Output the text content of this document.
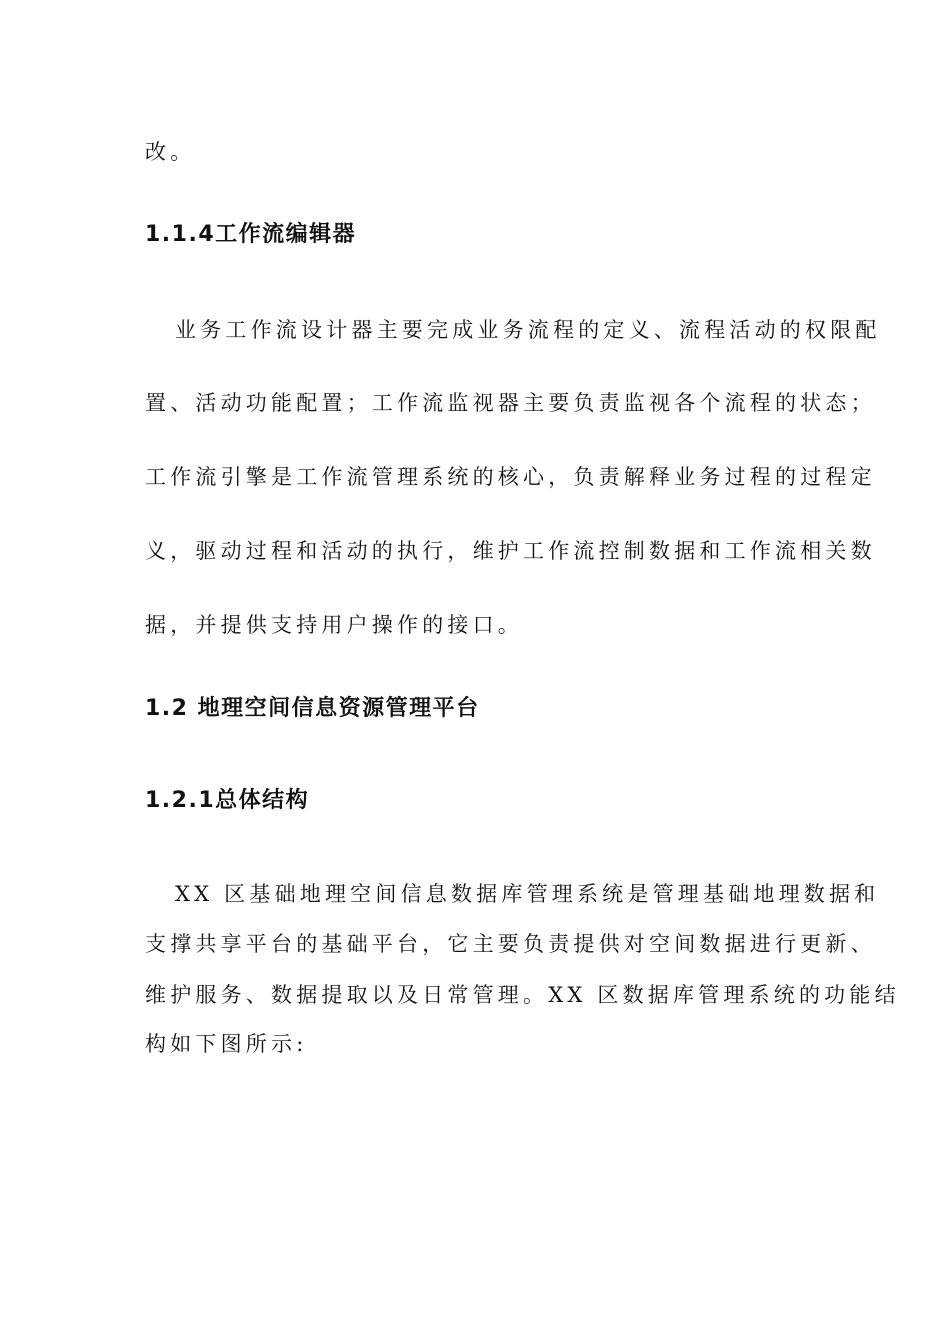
改。
1.1.4工作流编辑器
业务工作流设计器主要完成业务流程的定义、流程活动的权限配
置、活动功能配置；工作流监视器主要负责监视各个流程的状态；
工作流引擎是工作流管理系统的核心，负责解释业务过程的过程定
义，驱动过程和活动的执行，维护工作流控制数据和工作流相关数
据，并提供支持用户操作的接口。
1.2 地理空间信息资源管理平台
1.2.1总体结构
XX 区基础地理空间信息数据库管理系统是管理基础地理数据和
支撑共享平台的基础平台，它主要负责提供对空间数据进行更新、
维护服务、数据提取以及日常管理。XX 区数据库管理系统的功能结
构如下图所示:
